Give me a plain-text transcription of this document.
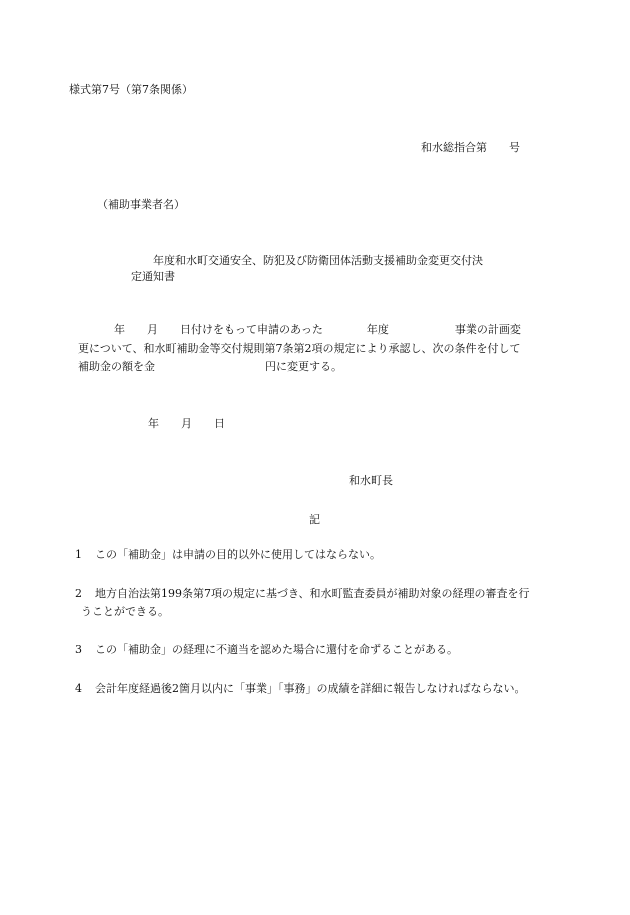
様式第7号（第7条関係）
和水総指合第　　号
（補助事業者名）
年度和水町交通安全、防犯及び防衛団体活動支援補助金変更交付決
定通知書
年　　月　　日付けをもって申請のあった　　　　年度　　　　　　事業の計画変
更について、和水町補助金等交付規則第7条第2項の規定により承認し、次の条件を付して
補助金の額を金　　　　　　　　　　円に変更する。
年　　月　　日
和水町長
記
1 この「補助金」は申請の目的以外に使用してはならない。
2 地方自治法第199条第7項の規定に基づき、和水町監査委員が補助対象の経理の審査を行
うことができる。
3 この「補助金」の経理に不適当を認めた場合に還付を命ずることがある。
4 会計年度経過後2箇月以内に「事業」「事務」の成績を詳細に報告しなければならない。
